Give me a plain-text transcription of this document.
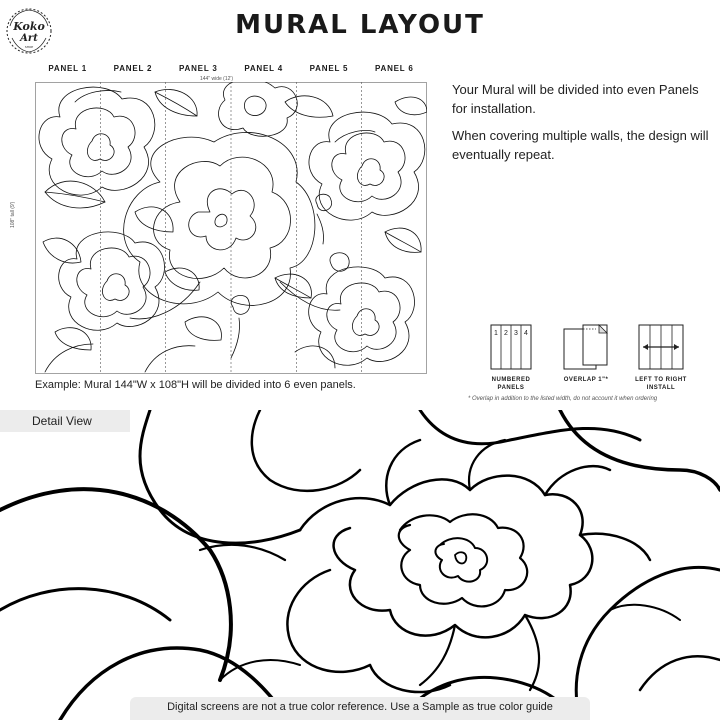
Koko
Art
SHOP
MURAL LAYOUT
PANEL 1	PANEL 2	PANEL 3	PANEL 4	PANEL 5	PANEL 6
144" wide (12')
108" tall (9')
Example: Mural 144"W x 108"H will be divided into 6 even panels.

Your Mural will be divided into even Panels for installation.

When covering multiple walls, the design will eventually repeat.

1 2 3 4
NUMBERED PANELS
OVERLAP 1"*	LEFT TO RIGHT
INSTALL
* Overlap in addition to the listed width, do not account it when ordering
Detail View
Digital screens are not a true color reference. Use a Sample as true color guide
